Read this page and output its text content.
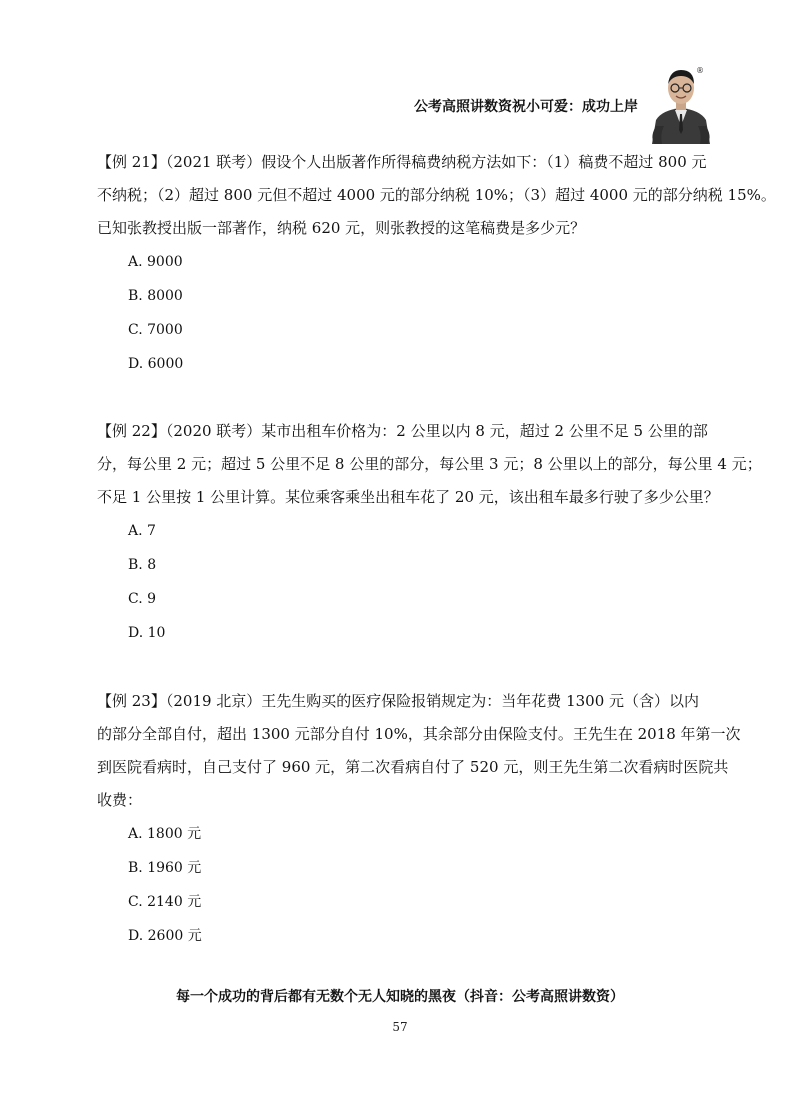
公考高照讲数资祝小可爱：成功上岸
®

【例 21】（2021 联考）假设个人出版著作所得稿费纳税方法如下：（1）稿费不超过 800 元

不纳税；（2）超过 800 元但不超过 4000 元的部分纳税 10%；（3）超过 4000 元的部分纳税 15%。

已知张教授出版一部著作，纳税 620 元，则张教授的这笔稿费是多少元？

A. 9000
B. 8000
C. 7000
D. 6000

【例 22】（2020 联考）某市出租车价格为：2 公里以内 8 元，超过 2 公里不足 5 公里的部

分，每公里 2 元；超过 5 公里不足 8 公里的部分，每公里 3 元；8 公里以上的部分，每公里 4 元；

不足 1 公里按 1 公里计算。某位乘客乘坐出租车花了 20 元，该出租车最多行驶了多少公里？

A. 7
B. 8
C. 9
D. 10

【例 23】（2019 北京）王先生购买的医疗保险报销规定为：当年花费 1300 元（含）以内

的部分全部自付，超出 1300 元部分自付 10%，其余部分由保险支付。王先生在 2018 年第一次

到医院看病时，自己支付了 960 元，第二次看病自付了 520 元，则王先生第二次看病时医院共

收费：

A. 1800 元
B. 1960 元
C. 2140 元
D. 2600 元
每一个成功的背后都有无数个无人知晓的黑夜（抖音：公考高照讲数资）
57
